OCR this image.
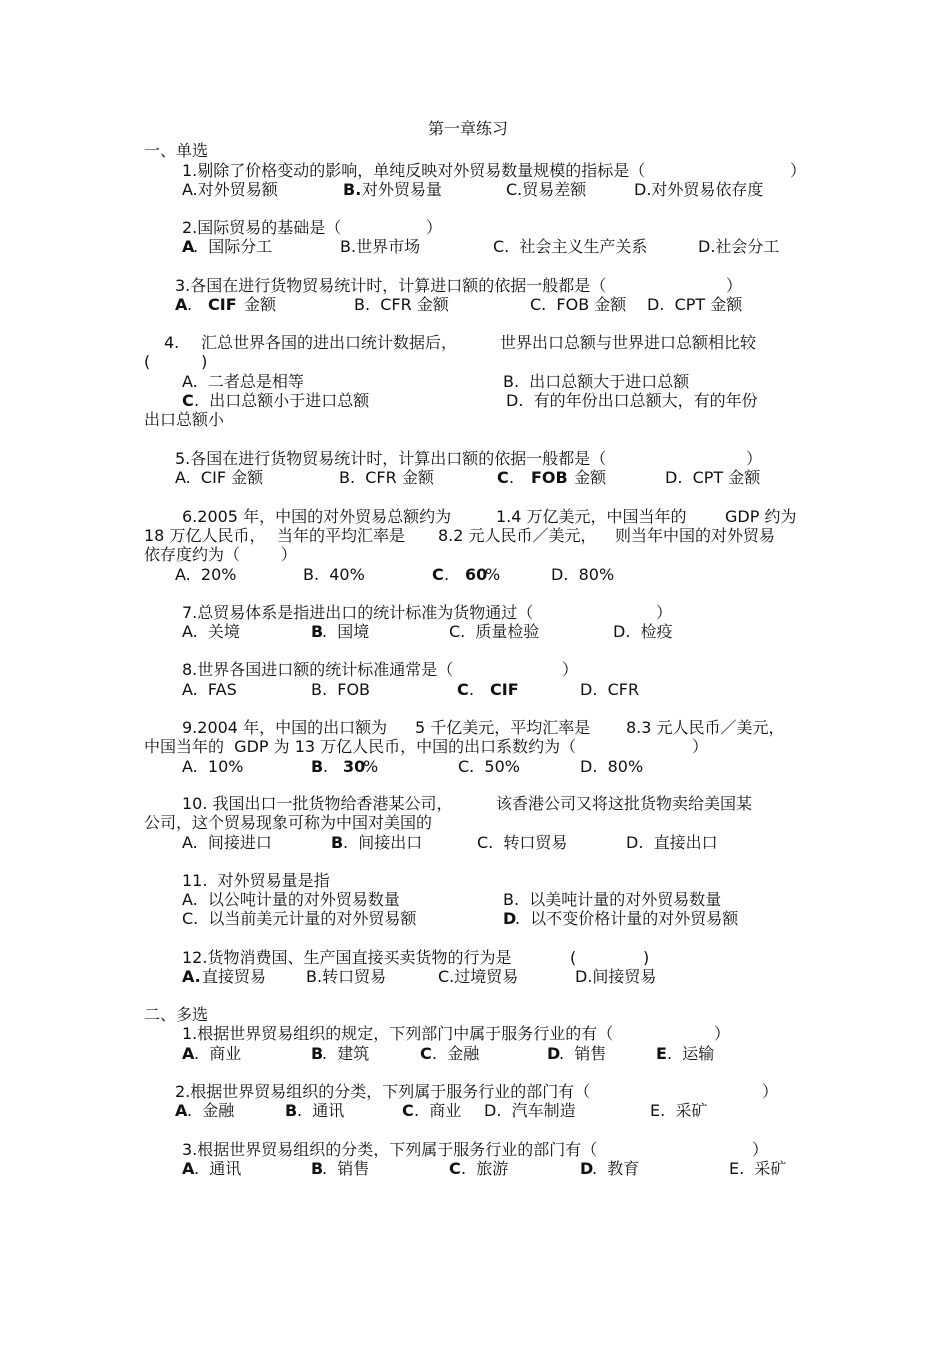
第一章练习
一、单选
1.剔除了价格变动的影响，单纯反映对外贸易数量规模的指标是（	）
A.对外贸易额	B. 对外贸易量	C.贸易差额	D.对外贸易依存度
2.国际贸易的基础是（	）
A
.  国际分工	B.世界市场	C.  社会主义生产关系	D.社会分工
3.各国在进行货物贸易统计时，计算进口额的依据一般都是（	）
A . CIF 金额	B.  CFR 金额	C.  FOB 金额 D.  CPT 金额
4. 汇总世界各国的进出口统计数据后，	世界出口总额与世界进口总额相比较
(          )
A.  二者总是相等	B.  出口总额大于进口总额
C .  出口总额小于进口总额	D.  有的年份出口总额大，有的年份
出口总额小
5.各国在进行货物贸易统计时，计算出口额的依据一般都是（	）
A.  CIF 金额	B.  CFR 金额	C . FOB 金额	D.  CPT 金额
6.2005 年，中国的对外贸易总额约为	1.4 万亿美元，中国当年的 GDP 约为
18 万亿人民币， 当年的平均汇率是 8.2 元人民币／美元， 则当年中国的对外贸易
依存度约为（        ）
A.  20%	B.  40%	C . 60
%	D.  80%
7.总贸易体系是指进出口的统计标准为货物通过（	）
A.  关境	B
.  国境	C.  质量检验	D.  检疫
8.世界各国进口额的统计标准通常是（	）
A.  FAS	B.  FOB	C . CIF	D.  CFR
9.2004 年，中国的出口额为 5 千亿美元，平均汇率是 8.3 元人民币／美元，
中国当年的  GDP 为 13 万亿人民币，中国的出口系数约为（	）
A.  10%	B . 30
%	C.  50%	D.  80%
10. 我国出口一批货物给香港某公司，	该香港公司又将这批货物卖给美国某
公司，这个贸易现象可称为中国对美国的
A.  间接进口	B .  间接出口	C.  转口贸易	D.  直接出口
11.  对外贸易量是指
A.  以公吨计量的对外贸易数量	B.  以美吨计量的对外贸易数量
C.  以当前美元计量的对外贸易额	D
.  以不变价格计量的对外贸易额
12.货物消费国、生产国直接买卖货物的行为是	(	)
A. 直接贸易 B.转口贸易	C.过境贸易	D.间接贸易
二、多选
1.根据世界贸易组织的规定，下列部门中属于服务行业的有（	）
A .  商业	B
.  建筑	C .  金融	D
.  销售	E .  运输
2.根据世界贸易组织的分类，下列属于服务行业的部门有（	）
A .  金融	B .  通讯	C .  商业 D.  汽车制造	E.  采矿
3.根据世界贸易组织的分类，下列属于服务行业的部门有（	）
A .  通讯	B
.  销售	C .  旅游	D
.  教育	E.  采矿
